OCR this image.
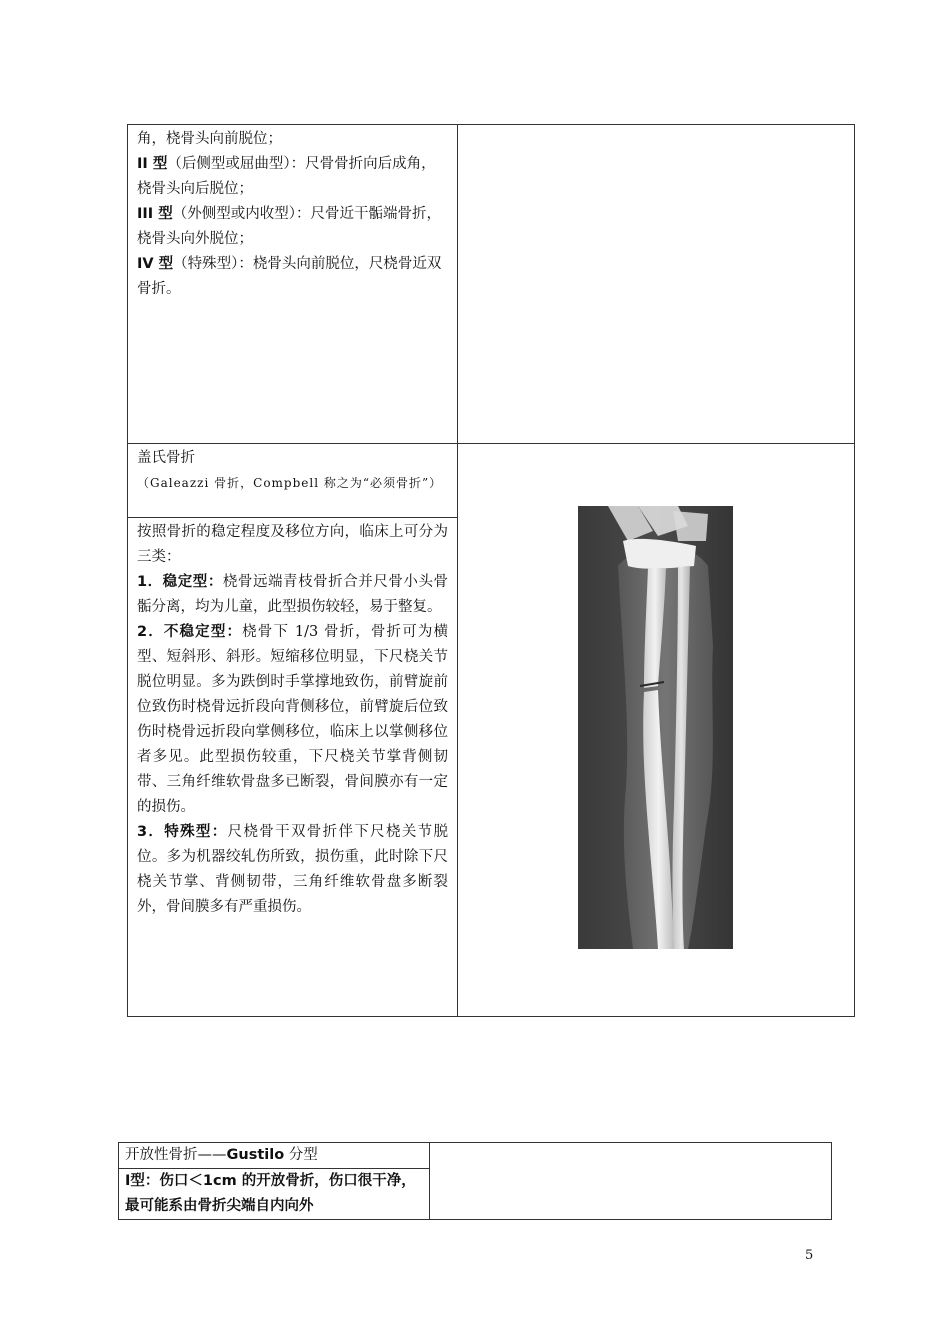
角，桡骨头向前脱位；

II 型（后侧型或屈曲型）：尺骨骨折向后成角，桡骨头向后脱位；

III 型（外侧型或内收型）：尺骨近干骺端骨折，桡骨头向外脱位；

IV 型（特殊型）：桡骨头向前脱位，尺桡骨近双骨折。	

盖氏骨折
（Galeazzi 骨折，Compbell 称之为“必须骨折”）

按照骨折的稳定程度及移位方向，临床上可分为三类：

1．稳定型：桡骨远端青枝骨折合并尺骨小头骨骺分离，均为儿童，此型损伤较轻，易于整复。

2．不稳定型：桡骨下 1/3 骨折，骨折可为横型、短斜形、斜形。短缩移位明显，下尺桡关节脱位明显。多为跌倒时手掌撑地致伤，前臂旋前位致伤时桡骨远折段向背侧移位，前臂旋后位致伤时桡骨远折段向掌侧移位，临床上以掌侧移位者多见。此型损伤较重，下尺桡关节掌背侧韧带、三角纤维软骨盘多已断裂，骨间膜亦有一定的损伤。

3．特殊型：尺桡骨干双骨折伴下尺桡关节脱位。多为机器绞轧伤所致，损伤重，此时除下尺桡关节掌、背侧韧带，三角纤维软骨盘多断裂外，骨间膜多有严重损伤。	

开放性骨折——Gustilo 分型	
Ⅰ型：伤口＜1cm 的开放骨折，伤口很干净，最可能系由骨折尖端自内向外
5
